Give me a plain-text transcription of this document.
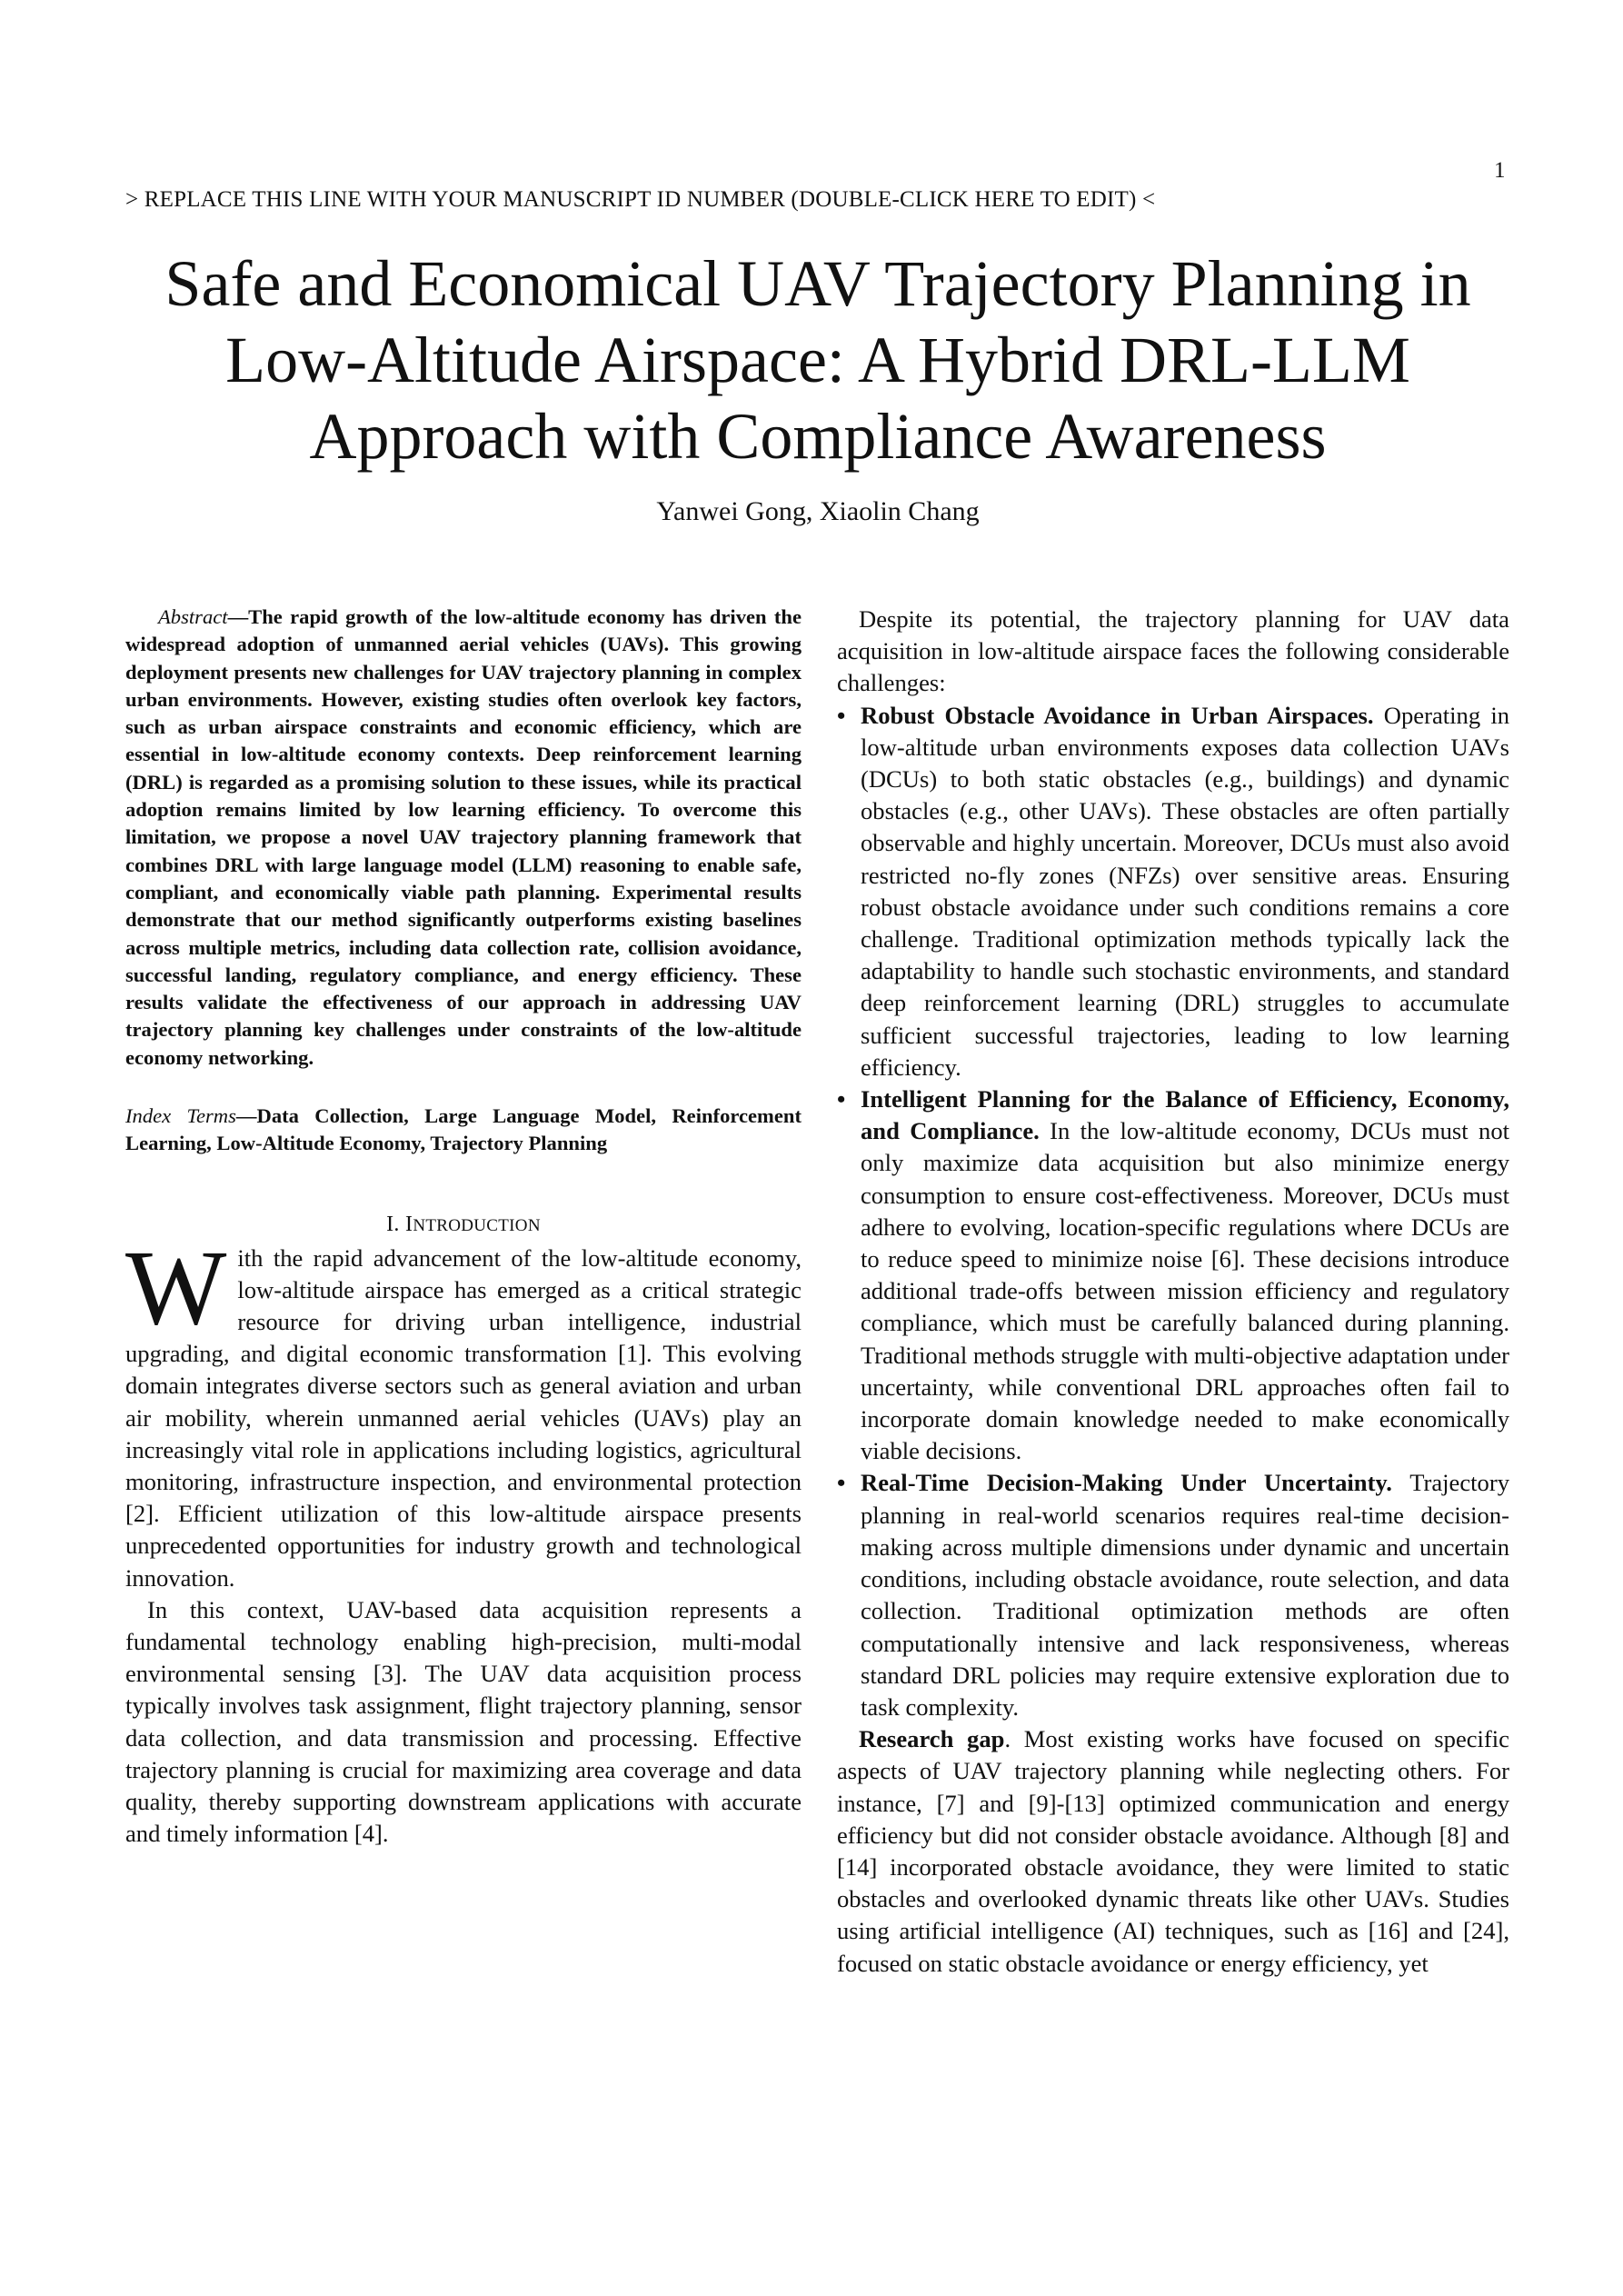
> REPLACE THIS LINE WITH YOUR MANUSCRIPT ID NUMBER (DOUBLE-CLICK HERE TO EDIT) <
1
Safe and Economical UAV Trajectory Planning in
Low-Altitude Airspace: A Hybrid DRL-LLM
Approach with Compliance Awareness
Yanwei Gong, Xiaolin Chang

Abstract—The rapid growth of the low-altitude economy has driven the widespread adoption of unmanned aerial vehicles (UAVs). This growing deployment presents new challenges for UAV trajectory planning in complex urban environments. However, existing studies often overlook key factors, such as urban airspace constraints and economic efficiency, which are essential in low-altitude economy contexts. Deep reinforcement learning (DRL) is regarded as a promising solution to these issues, while its practical adoption remains limited by low learning efficiency. To overcome this limitation, we propose a novel UAV trajectory planning framework that combines DRL with large language model (LLM) reasoning to enable safe, compliant, and economically viable path planning. Experimental results demonstrate that our method significantly outperforms existing baselines across multiple metrics, including data collection rate, collision avoidance, successful landing, regulatory compliance, and energy efficiency. These results validate the effectiveness of our approach in addressing UAV trajectory planning key challenges under constraints of the low-altitude economy networking.

Index Terms—Data Collection, Large Language Model, Reinforcement Learning, Low-Altitude Economy, Trajectory Planning

I. INTRODUCTION

With the rapid advancement of the low-altitude economy, low-altitude airspace has emerged as a critical strategic resource for driving urban intelligence, industrial upgrading, and digital economic transformation [1]. This evolving domain integrates diverse sectors such as general aviation and urban air mobility, wherein unmanned aerial vehicles (UAVs) play an increasingly vital role in applications including logistics, agricultural monitoring, infrastructure inspection, and environmental protection [2]. Efficient utilization of this low-altitude airspace presents unprecedented opportunities for industry growth and technological innovation.

In this context, UAV-based data acquisition represents a fundamental technology enabling high-precision, multi-modal environmental sensing [3]. The UAV data acquisition process typically involves task assignment, flight trajectory planning, sensor data collection, and data transmission and processing. Effective trajectory planning is crucial for maximizing area coverage and data quality, thereby supporting downstream applications with accurate and timely information [4].

Despite its potential, the trajectory planning for UAV data acquisition in low-altitude airspace faces the following considerable challenges:

• Robust Obstacle Avoidance in Urban Airspaces. Operating in low-altitude urban environments exposes data collection UAVs (DCUs) to both static obstacles (e.g., buildings) and dynamic obstacles (e.g., other UAVs). These obstacles are often partially observable and highly uncertain. Moreover, DCUs must also avoid restricted no-fly zones (NFZs) over sensitive areas. Ensuring robust obstacle avoidance under such conditions remains a core challenge. Traditional optimization methods typically lack the adaptability to handle such stochastic environments, and standard deep reinforcement learning (DRL) struggles to accumulate sufficient successful trajectories, leading to low learning efficiency.
• Intelligent Planning for the Balance of Efficiency, Economy, and Compliance. In the low-altitude economy, DCUs must not only maximize data acquisition but also minimize energy consumption to ensure cost-effectiveness. Moreover, DCUs must adhere to evolving, location-specific regulations where DCUs are to reduce speed to minimize noise [6]. These decisions introduce additional trade-offs between mission efficiency and regulatory compliance, which must be carefully balanced during planning. Traditional methods struggle with multi-objective adaptation under uncertainty, while conventional DRL approaches often fail to incorporate domain knowledge needed to make economically viable decisions.
• Real-Time Decision-Making Under Uncertainty. Trajectory planning in real-world scenarios requires real-time decision-making across multiple dimensions under dynamic and uncertain conditions, including obstacle avoidance, route selection, and data collection. Traditional optimization methods are often computationally intensive and lack responsiveness, whereas standard DRL policies may require extensive exploration due to task complexity.

Research gap. Most existing works have focused on specific aspects of UAV trajectory planning while neglecting others. For instance, [7] and [9]-[13] optimized communication and energy efficiency but did not consider obstacle avoidance. Although [8] and [14] incorporated obstacle avoidance, they were limited to static obstacles and overlooked dynamic threats like other UAVs. Studies using artificial intelligence (AI) techniques, such as [16] and [24], focused on static obstacle avoidance or energy efficiency, yet
